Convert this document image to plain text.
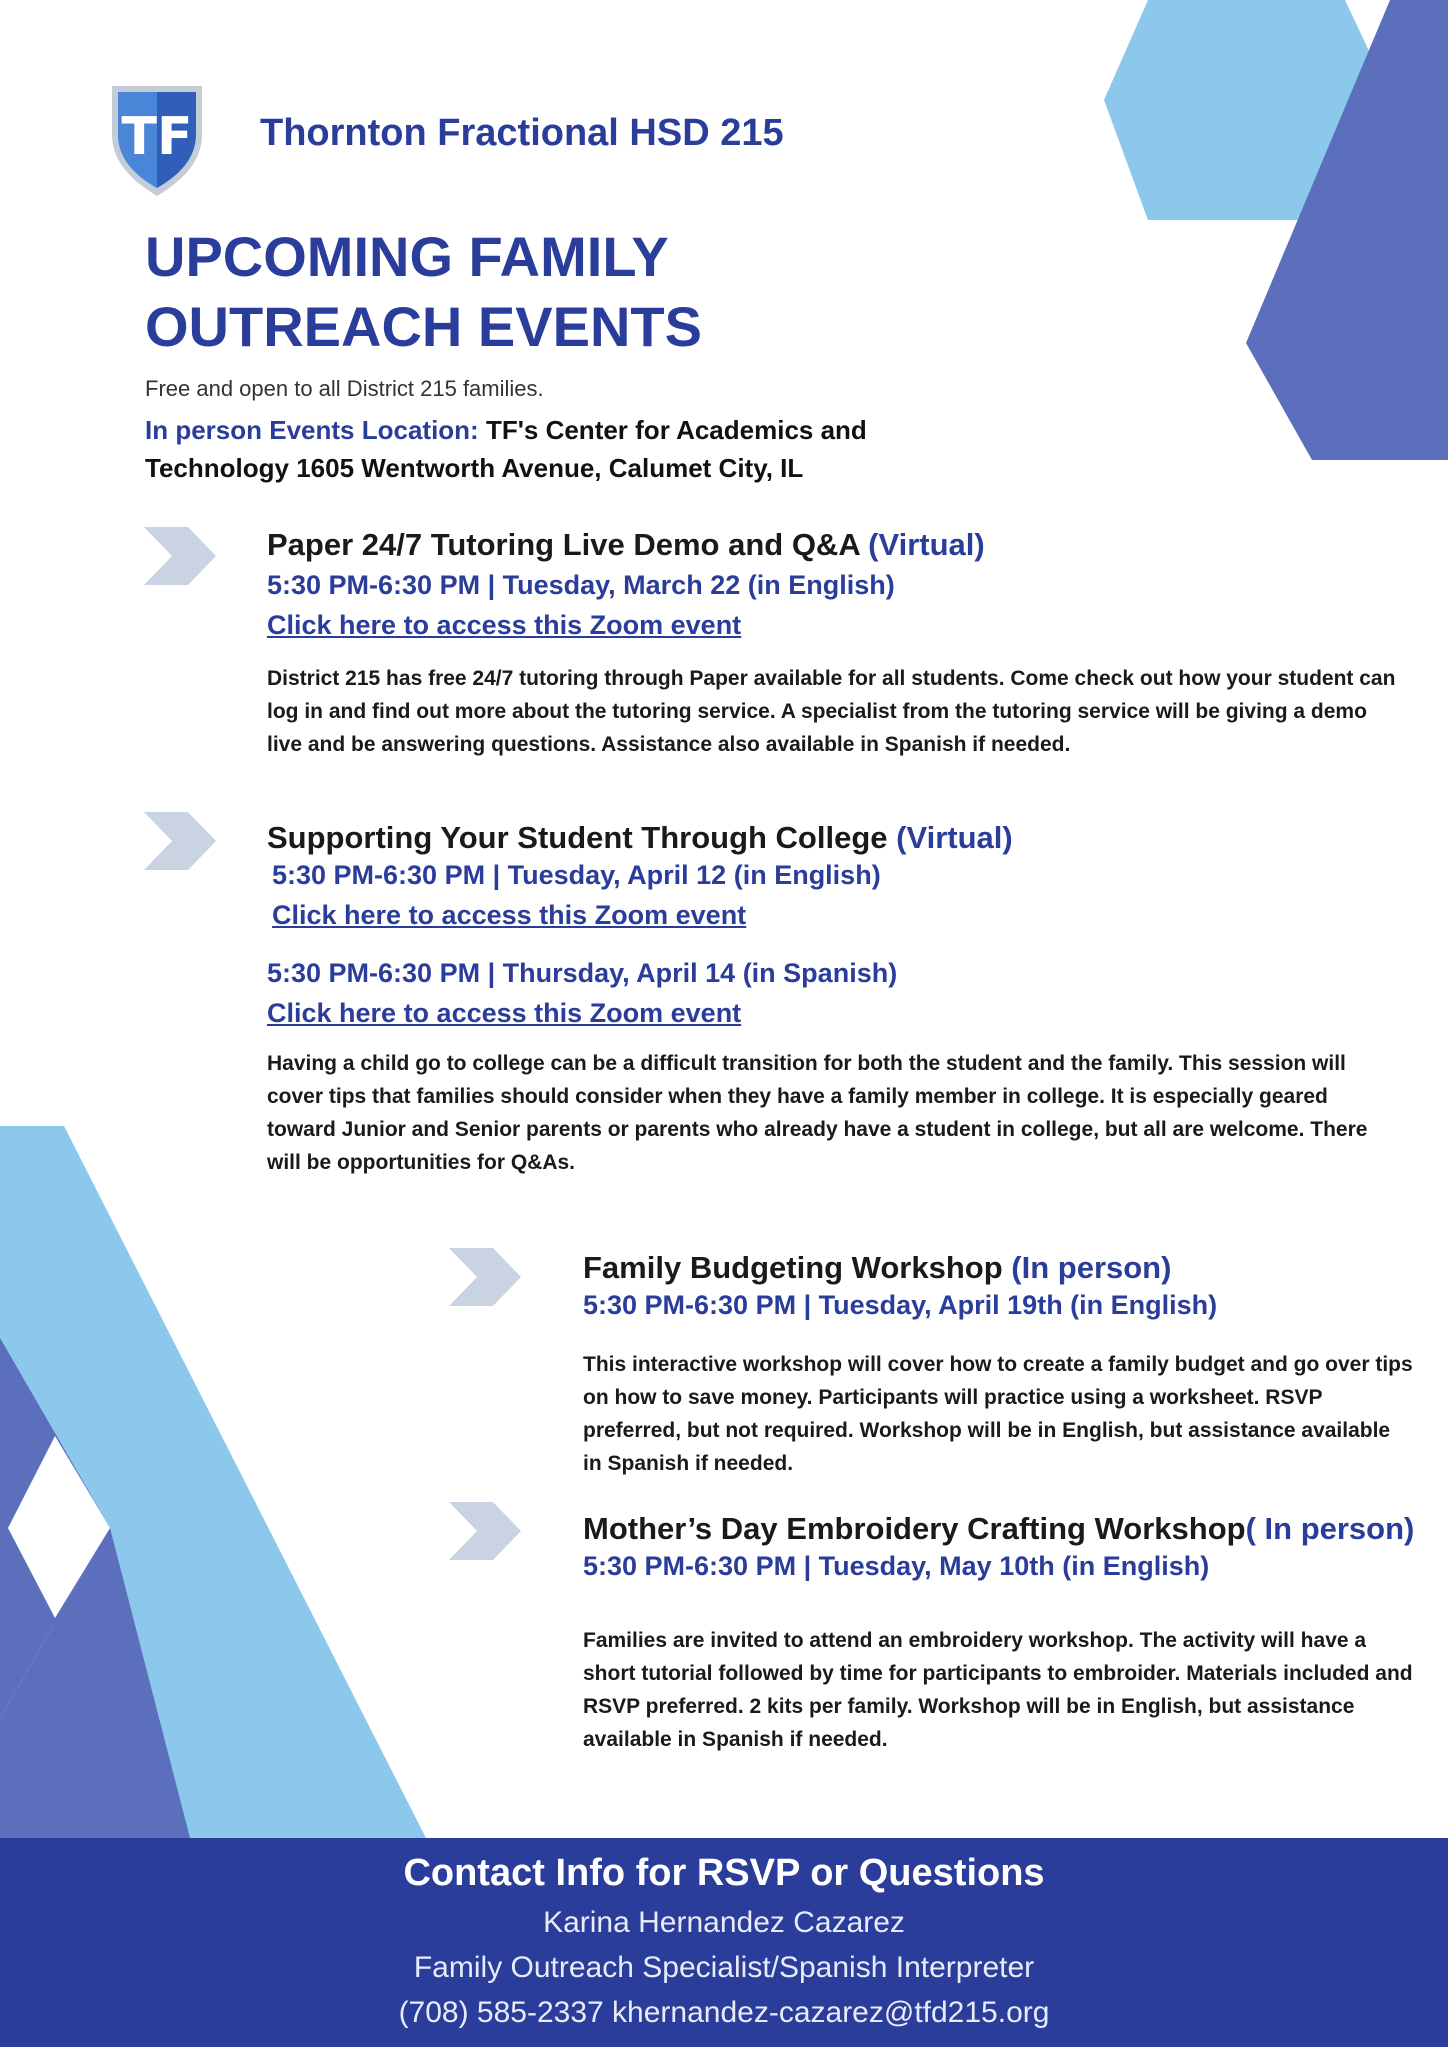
TF Thornton Fractional HSD 215
UPCOMING FAMILY
OUTREACH EVENTS
Free and open to all District 215 families.
In person Events Location: TF's Center for Academics and Technology 1605 Wentworth Avenue, Calumet City, IL
Paper 24/7 Tutoring Live Demo and Q&A (Virtual)
5:30 PM-6:30 PM | Tuesday, March 22 (in English)
Click here to access this Zoom event
District 215 has free 24/7 tutoring through Paper available for all students. Come check out how your student can log in and find out more about the tutoring service. A specialist from the tutoring service will be giving a demo live and be answering questions. Assistance also available in Spanish if needed.
Supporting Your Student Through College (Virtual)
5:30 PM-6:30 PM | Tuesday, April 12 (in English)
Click here to access this Zoom event
5:30 PM-6:30 PM | Thursday, April 14 (in Spanish)
Click here to access this Zoom event
Having a child go to college can be a difficult transition for both the student and the family. This session will cover tips that families should consider when they have a family member in college. It is especially geared toward Junior and Senior parents or parents who already have a student in college, but all are welcome. There will be opportunities for Q&As.
Family Budgeting Workshop (In person)
5:30 PM-6:30 PM | Tuesday, April 19th (in English)
This interactive workshop will cover how to create a family budget and go over tips on how to save money. Participants will practice using a worksheet. RSVP preferred, but not required. Workshop will be in English, but assistance available in Spanish if needed.
Mother’s Day Embroidery Crafting Workshop( In person)
5:30 PM-6:30 PM | Tuesday, May 10th (in English)
Families are invited to attend an embroidery workshop. The activity will have a short tutorial followed by time for participants to embroider. Materials included and RSVP preferred. 2 kits per family. Workshop will be in English, but assistance available in Spanish if needed.
Contact Info for RSVP or Questions
Karina Hernandez Cazarez
Family Outreach Specialist/Spanish Interpreter
(708) 585-2337 khernandez-cazarez@tfd215.org
